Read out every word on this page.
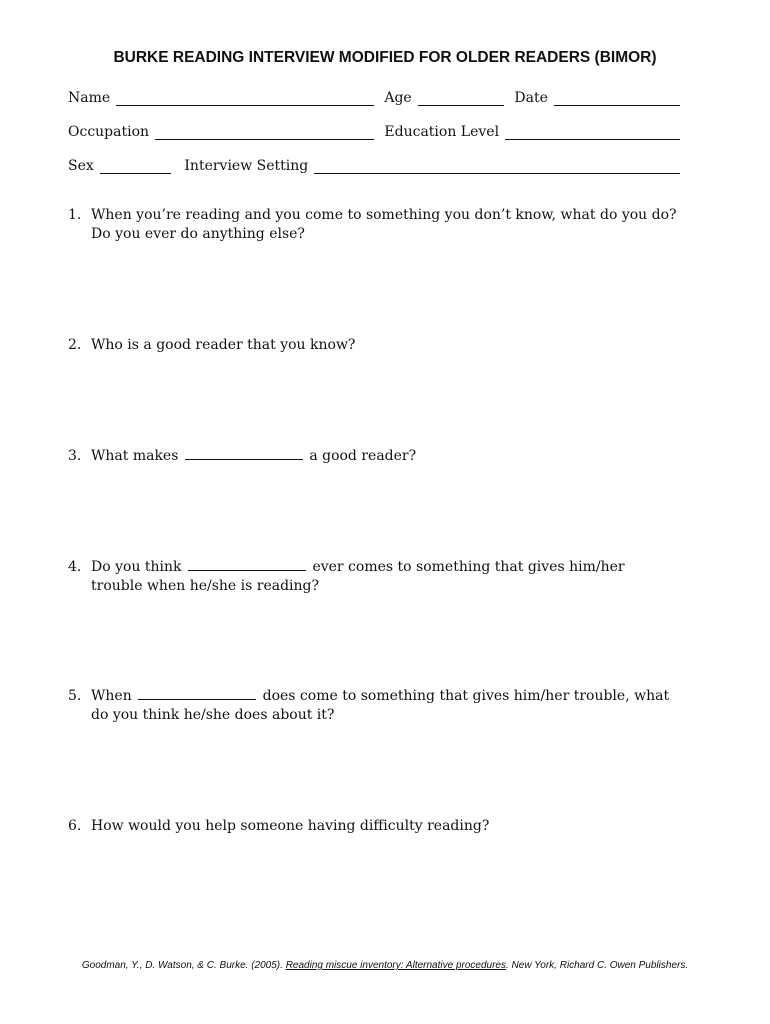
BURKE READING INTERVIEW MODIFIED FOR OLDER READERS (BIMOR)
Name	Age	Date
Occupation	Education Level
Sex	Interview Setting
1. When you’re reading and you come to something you don’t know, what do you do? Do you ever do anything else?
2. Who is a good reader that you know?
3. What makes	a good reader?
4. Do you think	ever comes to something that gives him/her trouble when he/she is reading?
5. When	does come to something that gives him/her trouble, what do you think he/she does about it?
6. How would you help someone having difficulty reading?
Goodman, Y., D. Watson, & C. Burke. (2005). Reading miscue inventory: Alternative procedures. New York, Richard C. Owen Publishers.
